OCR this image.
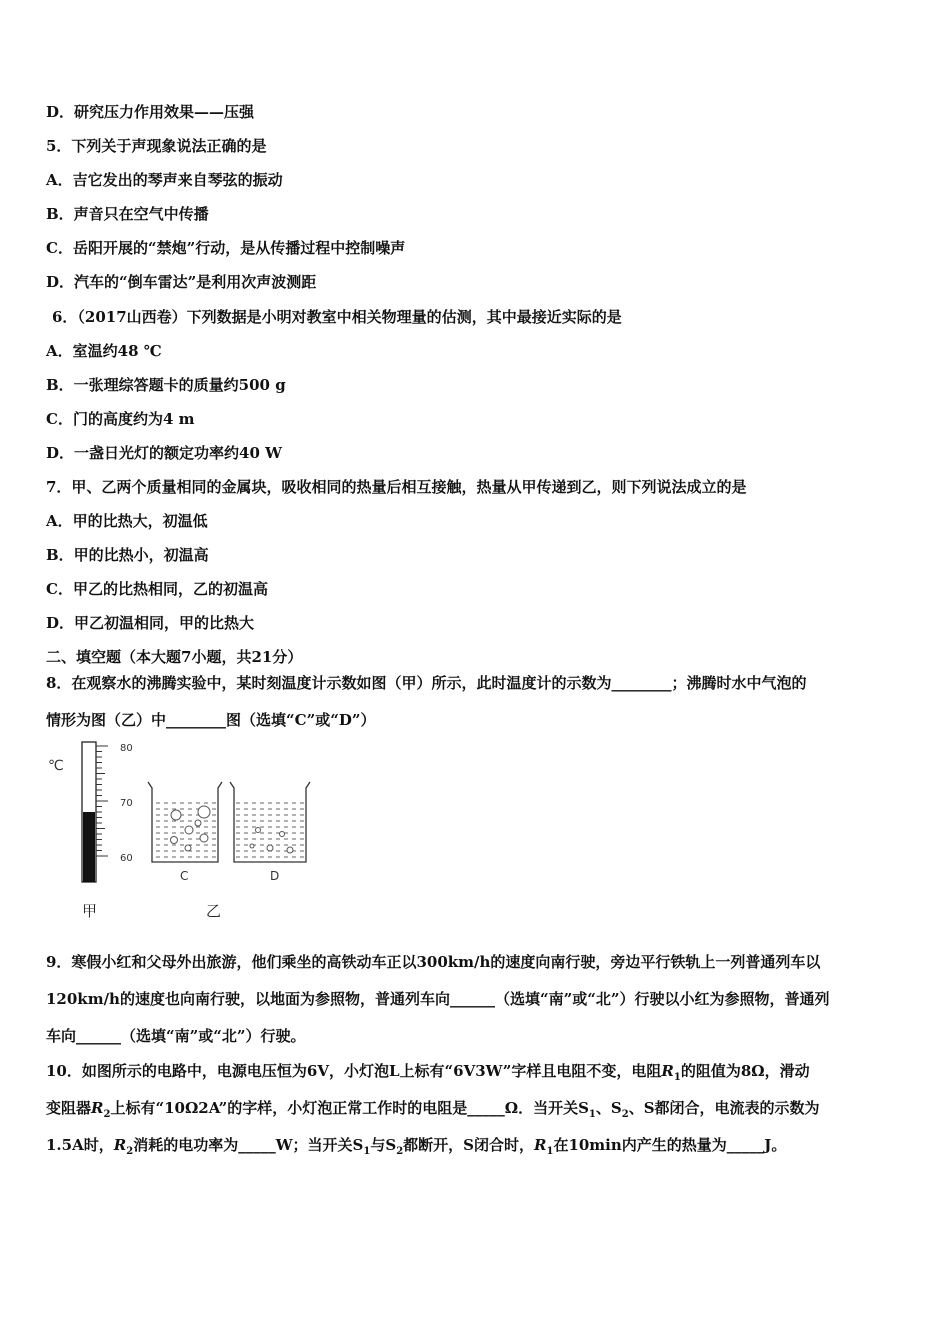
D．研究压力作用效果——压强
5．下列关于声现象说法正确的是
A．吉它发出的琴声来自琴弦的振动
B．声音只在空气中传播
C．岳阳开展的“禁炮”行动，是从传播过程中控制噪声
D．汽车的“倒车雷达”是利用次声波测距
6．（2017山西卷）下列数据是小明对教室中相关物理量的估测，其中最接近实际的是
A．室温约48 ℃
B．一张理综答题卡的质量约500 g
C．门的高度约为4 m
D．一盏日光灯的额定功率约40 W
7．甲、乙两个质量相同的金属块，吸收相同的热量后相互接触，热量从甲传递到乙，则下列说法成立的是
A．甲的比热大，初温低
B．甲的比热小，初温高
C．甲乙的比热相同，乙的初温高
D．甲乙初温相同，甲的比热大
二、填空题（本大题7小题，共21分）
8．在观察水的沸腾实验中，某时刻温度计示数如图（甲）所示，此时温度计的示数为________；沸腾时水中气泡的
情形为图（乙）中________图（选填“C”或“D”）
℃
80
70
60
甲
C	D
乙
9．寒假小红和父母外出旅游，他们乘坐的高铁动车正以300km/h的速度向南行驶，旁边平行铁轨上一列普通列车以
120km/h的速度也向南行驶，以地面为参照物，普通列车向______（选填“南”或“北”）行驶以小红为参照物，普通列
车向______（选填“南”或“北”）行驶。
10．如图所示的电路中，电源电压恒为6V，小灯泡L上标有“6V3W”字样且电阻不变，电阻$R_1$的阻值为8Ω，滑动
变阻器$R_2$上标有“10Ω2A”的字样，小灯泡正常工作时的电阻是_____Ω．当开关$S_1$、$S_2$、S都闭合，电流表的示数为
1.5A时，$R_2$消耗的电功率为_____W；当开关$S_1$与$S_2$都断开，S闭合时，$R_1$在10min内产生的热量为_____J。
